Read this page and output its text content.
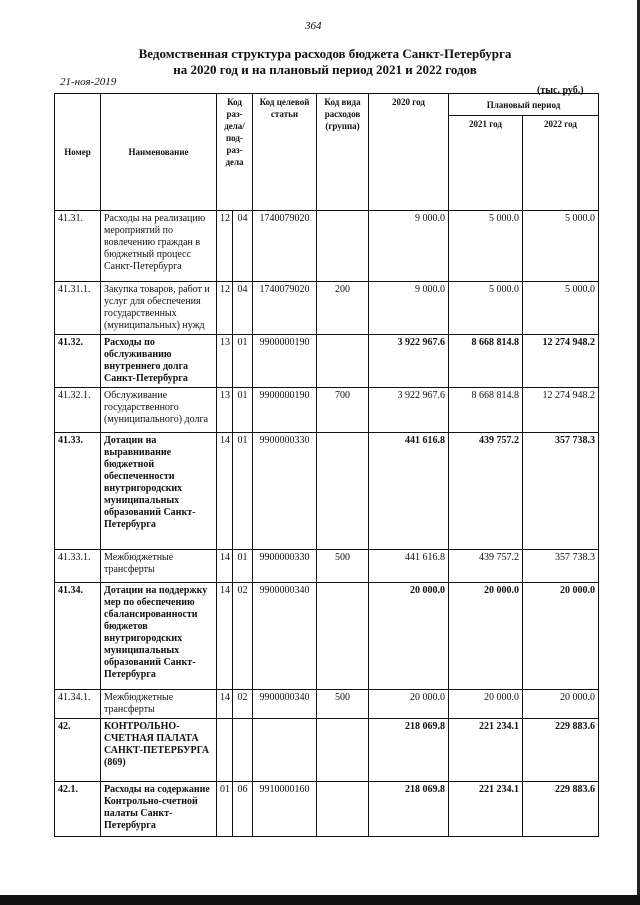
364
Ведомственная структура расходов бюджета Санкт-Петербурга
на 2020 год и на плановый период 2021 и 2022 годов
21-ноя-2019
(тыс. руб.)
Номер	Наименование	Код раз-дела/ под-раз-дела		Код целевой статьи	Код вида расходов (группа)	2020 год	Плановый период	
							2021 год	2022 год
41.31.	Расходы на реализацию мероприятий по вовлечению граждан в бюджетный процесс Санкт-Петербурга	12	04	1740079020		9 000.0	5 000.0	5 000.0
41.31.1.	Закупка товаров, работ и услуг для обеспечения государственных (муниципальных) нужд	12	04	1740079020	200	9 000.0	5 000.0	5 000.0
41.32.	Расходы по обслуживанию внутреннего долга Санкт-Петербурга	13	01	9900000190		3 922 967.6	8 668 814.8	12 274 948.2
41.32.1.	Обслуживание государственного (муниципального) долга	13	01	9900000190	700	3 922 967.6	8 668 814.8	12 274 948.2
41.33.	Дотации на выравнивание бюджетной обеспеченности внутригородских муниципальных образований Санкт-Петербурга	14	01	9900000330		441 616.8	439 757.2	357 738.3
41.33.1.	Межбюджетные трансферты	14	01	9900000330	500	441 616.8	439 757.2	357 738.3
41.34.	Дотации на поддержку мер по обеспечению сбалансированности бюджетов внутригородских муниципальных образований Санкт-Петербурга	14	02	9900000340		20 000.0	20 000.0	20 000.0
41.34.1.	Межбюджетные трансферты	14	02	9900000340	500	20 000.0	20 000.0	20 000.0
42.	КОНТРОЛЬНО-СЧЕТНАЯ ПАЛАТА САНКТ-ПЕТЕРБУРГА (869)					218 069.8	221 234.1	229 883.6
42.1.	Расходы на содержание Контрольно-счетной палаты Санкт-Петербурга	01	06	9910000160		218 069.8	221 234.1	229 883.6
